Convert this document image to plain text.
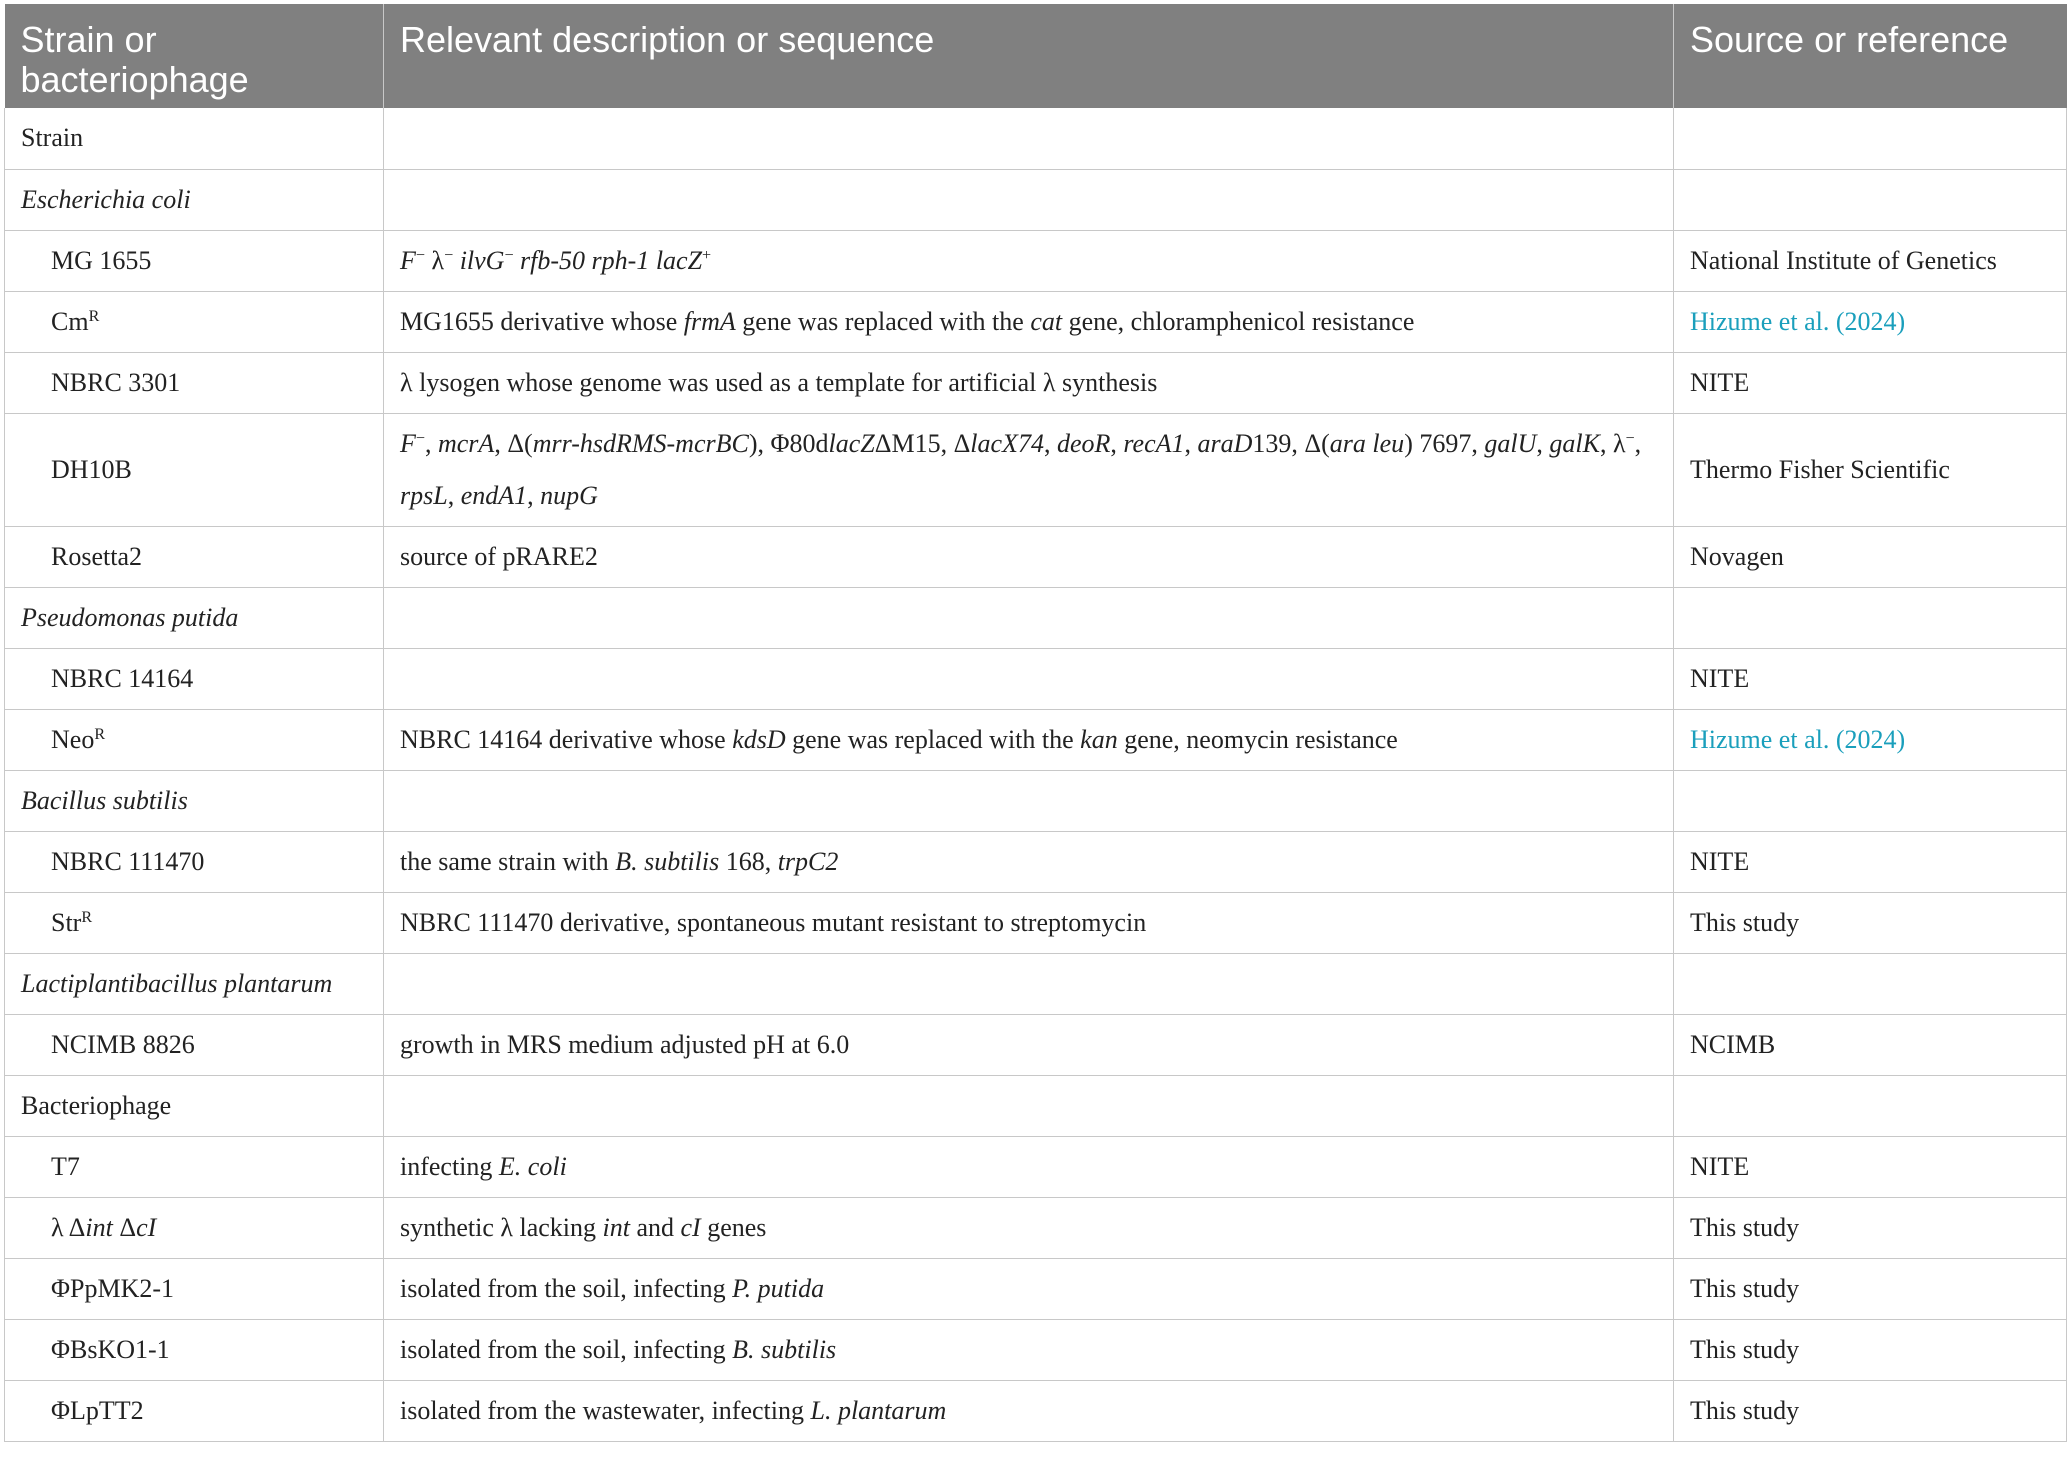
Strain or bacteriophage	Relevant description or sequence	Source or reference
Strain		
Escherichia coli		
MG 1655	F− λ− ilvG− rfb-50 rph-1 lacZ+	National Institute of Genetics
$Cm^R$	MG1655 derivative whose frmA gene was replaced with the cat gene, chloramphenicol resistance	Hizume et al. (2024)
NBRC 3301	λ lysogen whose genome was used as a template for artificial λ synthesis	NITE
DH10B	F−, mcrA, Δ(mrr-hsdRMS-mcrBC), Φ80dlacZΔM15, ΔlacX74, deoR, recA1, araD139, Δ(ara leu) 7697, galU, galK, λ−, rpsL, endA1, nupG	Thermo Fisher Scientific
Rosetta2	source of pRARE2	Novagen
Pseudomonas putida		
NBRC 14164		NITE
Neo$^R$	NBRC 14164 derivative whose kdsD gene was replaced with the kan gene, neomycin resistance	Hizume et al. (2024)
Bacillus subtilis		
NBRC 111470	the same strain with B. subtilis 168, trpC2	NITE
Str$^R$	NBRC 111470 derivative, spontaneous mutant resistant to streptomycin	This study
Lactiplantibacillus plantarum		
NCIMB 8826	growth in MRS medium adjusted pH at 6.0	NCIMB
Bacteriophage		
T7	infecting E. coli	NITE
λ Δint ΔcI	synthetic λ lacking int and cI genes	This study
ΦPpMK2-1	isolated from the soil, infecting P. putida	This study
ΦBsKO1-1	isolated from the soil, infecting B. subtilis	This study
ΦLpTT2	isolated from the wastewater, infecting L. plantarum	This study
